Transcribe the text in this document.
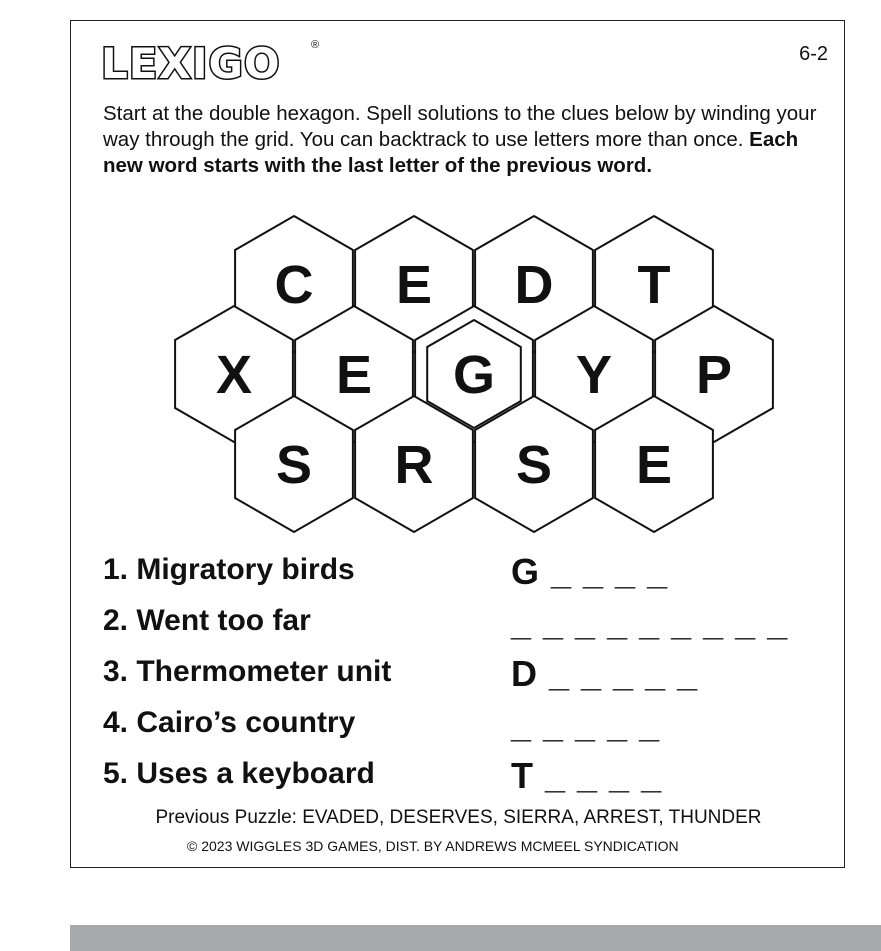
LEXIGO	®	6-2
Start at the double hexagon. Spell solutions to the clues below by winding your way through the grid. You can backtrack to use letters more than once. Each new word starts with the last letter of the previous word.
C E D T
X E G Y P
S R S E
1. Migratory birds	G _ _ _ _
2. Went too far	_ _ _ _ _ _ _ _ _
3. Thermometer unit	D _ _ _ _ _
4. Cairo’s country	_ _ _ _ _
5. Uses a keyboard	T _ _ _ _
Previous Puzzle: EVADED, DESERVES, SIERRA, ARREST, THUNDER
© 2023 WIGGLES 3D GAMES, DIST. BY ANDREWS MCMEEL SYNDICATION
